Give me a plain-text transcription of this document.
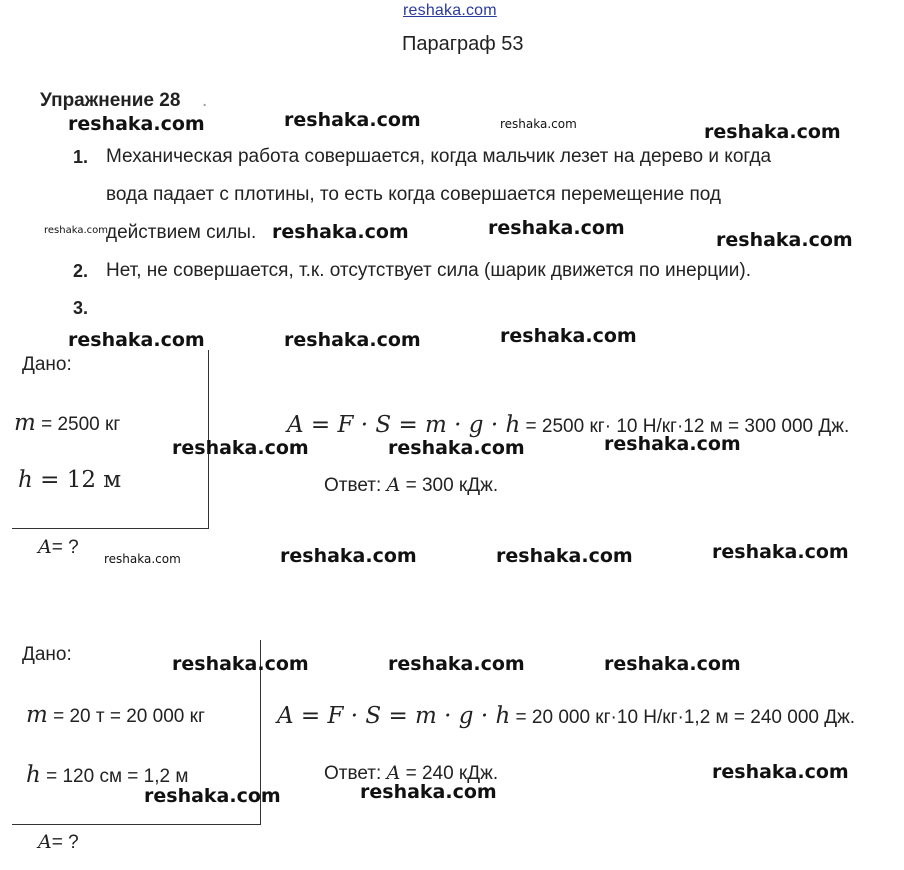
reshaka.com
Параграф 53
Упражнение 28 .
1. Механическая работа совершается, когда мальчик лезет на дерево и когда
вода падает с плотины, то есть когда совершается перемещение под
действием силы.
2. Нет, не совершается, т.к. отсутствует сила (шарик движется по инерции).
3.
Дано:
m = 2500 кг
h = 12 м
A= ?
A = F · S = m · g · h = 2500 кг· 10 Н/кг·12 м = 300 000 Дж.
Ответ: A = 300 кДж.
Дано:
m = 20 т = 20 000 кг
h = 120 см = 1,2 м
A= ?
A = F · S = m · g · h = 20 000 кг·10 Н/кг·1,2 м = 240 000 Дж.
Ответ: A = 240 кДж.
reshaka.com	reshaka.com	reshaka.com	reshaka.com
reshaka.com	reshaka.com	reshaka.com
reshaka.com
reshaka.com	reshaka.com	reshaka.com
reshaka.com	reshaka.com	reshaka.com
reshaka.com	reshaka.com	reshaka.com	reshaka.com
reshaka.com	reshaka.com	reshaka.com
reshaka.com
reshaka.com	reshaka.com
